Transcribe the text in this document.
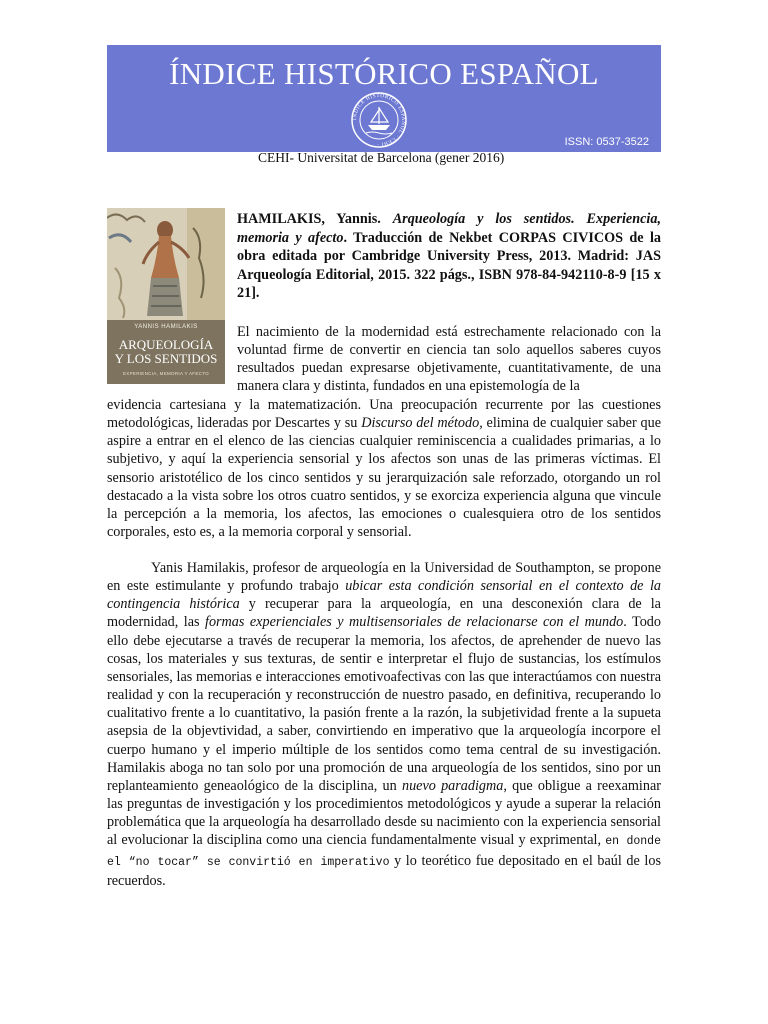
ÍNDICE HISTÓRICO ESPAÑOL
ÍNDICE HISTÓRICO ESPAÑOL · CEHI ·	ISSN: 0537-3522
CEHI- Universitat de Barcelona (gener 2016)
YANNIS HAMILAKIS
ARQUEOLOGÍA
Y LOS SENTIDOS
EXPERIENCIA, MEMORIA Y AFECTO
HAMILAKIS, Yannis. Arqueología y los sentidos. Experiencia, memoria y afecto. Traducción de Nekbet CORPAS CIVICOS de la obra editada por Cambridge University Press, 2013. Madrid: JAS Arqueología Editorial, 2015. 322 págs., ISBN 978-84-942110-8-9 [15 x 21].

El nacimiento de la modernidad está estrechamente relacionado con la voluntad firme de convertir en ciencia tan solo aquellos saberes cuyos resultados puedan expresarse objetivamente, cuantitativamente, de una manera clara y distinta, fundados en una epistemología de la

evidencia cartesiana y la matematización. Una preocupación recurrente por las cuestiones metodológicas, lideradas por Descartes y su Discurso del método, elimina de cualquier saber que aspire a entrar en el elenco de las ciencias cualquier reminiscencia a cualidades primarias, a lo subjetivo, y aquí la experiencia sensorial y los afectos son unas de las primeras víctimas. El sensorio aristotélico de los cinco sentidos y su jerarquización sale reforzado, otorgando un rol destacado a la vista sobre los otros cuatro sentidos, y se exorciza experiencia alguna que vincule la percepción a la memoria, los afectos, las emociones o cualesquiera otro de los sentidos corporales, esto es, a la memoria corporal y sensorial.

Yanis Hamilakis, profesor de arqueología en la Universidad de Southampton, se propone en este estimulante y profundo trabajo ubicar esta condición sensorial en el contexto de la contingencia histórica y recuperar para la arqueología, en una desconexión clara de la modernidad, las formas experienciales y multisensoriales de relacionarse con el mundo. Todo ello debe ejecutarse a través de recuperar la memoria, los afectos, de aprehender de nuevo las cosas, los materiales y sus texturas, de sentir e interpretar el flujo de sustancias, los estímulos sensoriales, las memorias e interacciones emotivoafectivas con las que interactúamos con nuestra realidad y con la recuperación y reconstrucción de nuestro pasado, en definitiva, recuperando lo cualitativo frente a lo cuantitativo, la pasión frente a la razón, la subjetividad frente a la supueta asepsia de la objevtividad, a saber, convirtiendo en imperativo que la arqueología incorpore el cuerpo humano y el imperio múltiple de los sentidos como tema central de su investigación. Hamilakis aboga no tan solo por una promoción de una arqueología de los sentidos, sino por un replanteamiento geneaológico de la disciplina, un nuevo paradigma, que obligue a reexaminar las preguntas de investigación y los procedimientos metodológicos y ayude a superar la relación problemática que la arqueología ha desarrollado desde su nacimiento con la experiencia sensorial al evolucionar la disciplina como una ciencia fundamentalmente visual y exprimental, en donde el “no tocar” se convirtió en imperativo y lo teorético fue depositado en el baúl de los recuerdos.
